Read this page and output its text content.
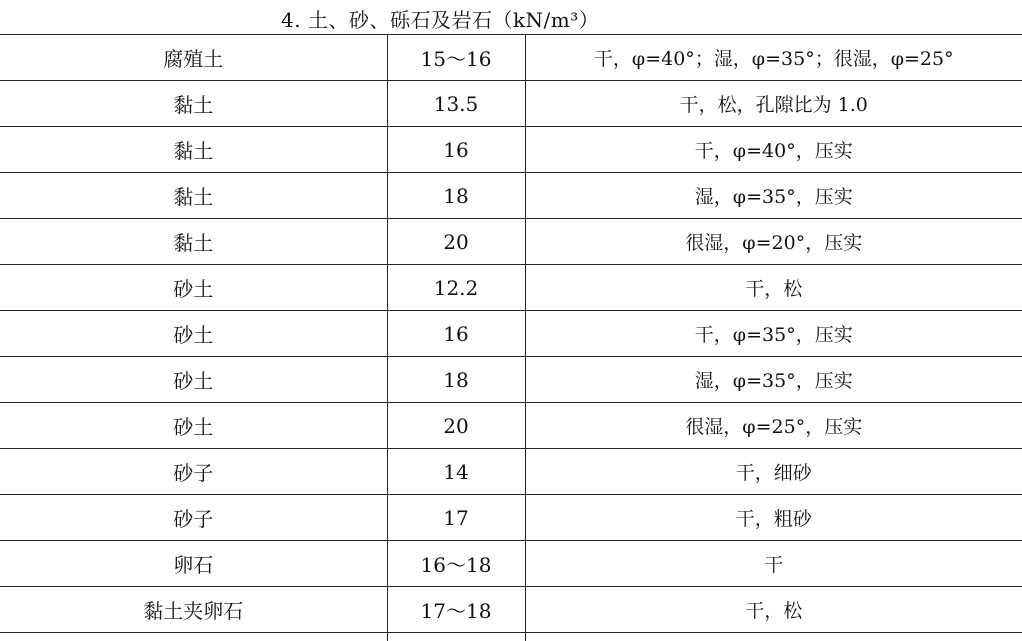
4. 土、砂、砾石及岩石（kN/m³）
腐殖土	15～16	干，φ=40°；湿，φ=35°；很湿，φ=25°
黏土	13.5	干，松，孔隙比为 1.0
黏土	16	干，φ=40°，压实
黏土	18	湿，φ=35°，压实
黏土	20	很湿，φ=20°，压实
砂土	12.2	干，松
砂土	16	干，φ=35°，压实
砂土	18	湿，φ=35°，压实
砂土	20	很湿，φ=25°，压实
砂子	14	干，细砂
砂子	17	干，粗砂
卵石	16～18	干
黏土夹卵石	17～18	干，松
